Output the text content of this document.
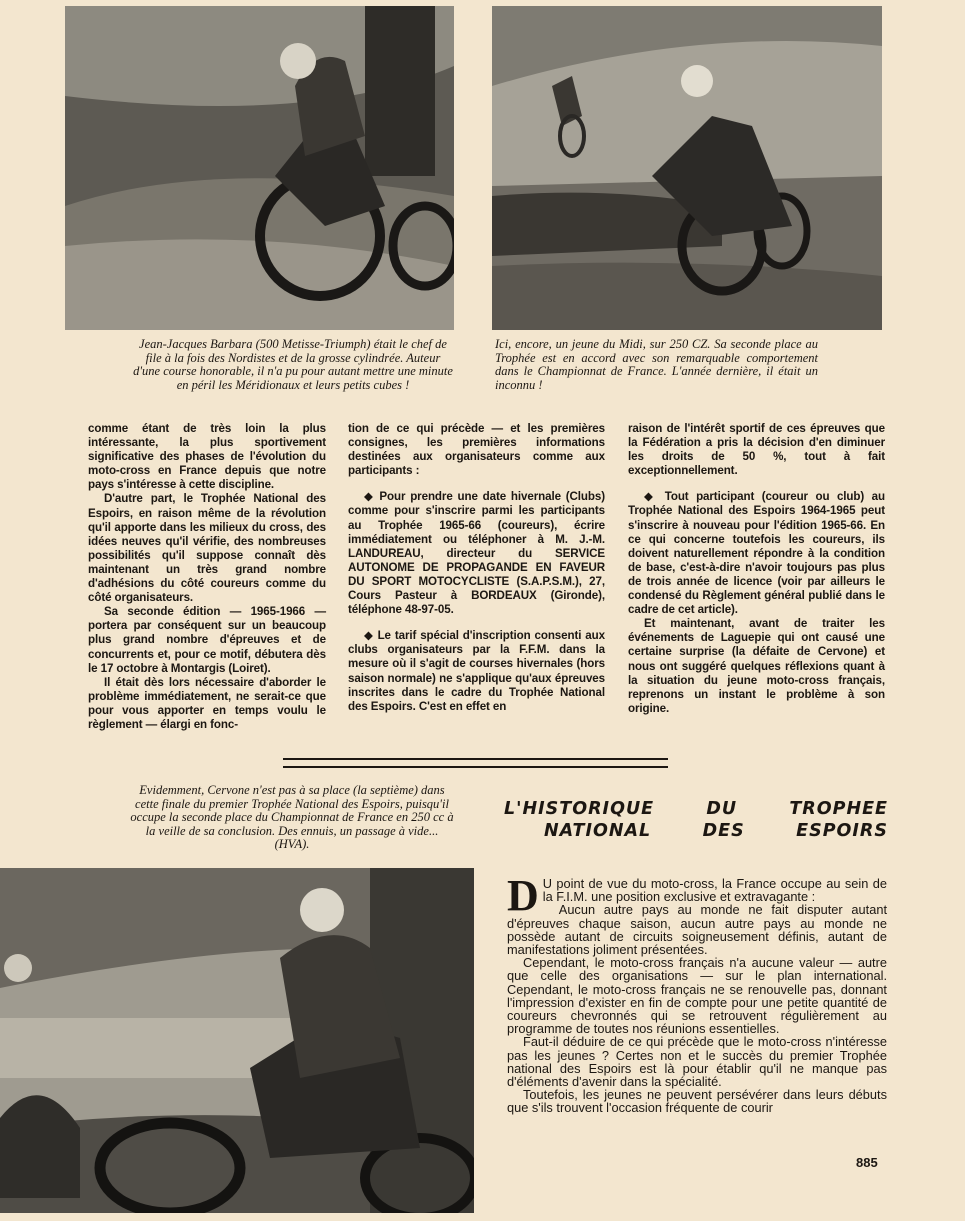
Jean-Jacques Barbara (500 Metisse-Triumph) était le chef de file à la fois des Nordistes et de la grosse cylindrée. Auteur d'une course honorable, il n'a pu pour autant mettre une minute en péril les Méridionaux et leurs petits cubes !

Ici, encore, un jeune du Midi, sur 250 CZ. Sa seconde place au Trophée est en accord avec son remarquable comportement dans le Championnat de France. L'année dernière, il était un inconnu !

comme étant de très loin la plus intéressante, la plus sportivement significative des phases de l'évolution du moto-cross en France depuis que notre pays s'intéresse à cette discipline.

D'autre part, le Trophée National des Espoirs, en raison même de la révolution qu'il apporte dans les milieux du cross, des idées neuves qu'il vérifie, des nombreuses possibilités qu'il suppose connaît dès maintenant un très grand nombre d'adhésions du côté coureurs comme du côté organisateurs.

Sa seconde édition — 1965-1966 — portera par conséquent sur un beaucoup plus grand nombre d'épreuves et de concurrents et, pour ce motif, débutera dès le 17 octobre à Montargis (Loiret).

Il était dès lors nécessaire d'aborder le problème immédiatement, ne serait-ce que pour vous apporter en temps voulu le règlement — élargi en fonc-

tion de ce qui précède — et les premières consignes, les premières informations destinées aux organisateurs comme aux participants :

◆ Pour prendre une date hivernale (Clubs) comme pour s'inscrire parmi les participants au Trophée 1965-66 (coureurs), écrire immédiatement ou téléphoner à M. J.-M. LANDUREAU, directeur du SERVICE AUTONOME DE PROPAGANDE EN FAVEUR DU SPORT MOTOCYCLISTE (S.A.P.S.M.), 27, Cours Pasteur à BORDEAUX (Gironde), téléphone 48-97-05.

◆ Le tarif spécial d'inscription consenti aux clubs organisateurs par la F.F.M. dans la mesure où il s'agit de courses hivernales (hors saison normale) ne s'applique qu'aux épreuves inscrites dans le cadre du Trophée National des Espoirs. C'est en effet en

raison de l'intérêt sportif de ces épreuves que la Fédération a pris la décision d'en diminuer les droits de 50 %, tout à fait exceptionnellement.

◆ Tout participant (coureur ou club) au Trophée National des Espoirs 1964-1965 peut s'inscrire à nouveau pour l'édition 1965-66. En ce qui concerne toutefois les coureurs, ils doivent naturellement répondre à la condition de base, c'est-à-dire n'avoir toujours pas plus de trois année de licence (voir par ailleurs le condensé du Règlement général publié dans le cadre de cet article).

Et maintenant, avant de traiter les événements de Laguepie qui ont causé une certaine surprise (la défaite de Cervone) et nous ont suggéré quelques réflexions quant à la situation du jeune moto-cross français, reprenons un instant le problème à son origine.

Evidemment, Cervone n'est pas à sa place (la septième) dans cette finale du premier Trophée National des Espoirs, puisqu'il occupe la seconde place du Championnat de France en 250 cc à la veille de sa conclusion. Des ennuis, un passage à vide... (HVA).

L'HISTORIQUE DU TROPHEE
NATIONAL DES ESPOIRS
D U point de vue du moto-cross, la France occupe au sein de la F.I.M. une position exclusive et extravagante :

Aucun autre pays au monde ne fait disputer autant d'épreuves chaque saison, aucun autre pays au monde ne possède autant de circuits soigneusement définis, autant de manifestations joliment présentées.

Cependant, le moto-cross français n'a aucune valeur — autre que celle des organisations — sur le plan international. Cependant, le moto-cross français ne se renouvelle pas, donnant l'impression d'exister en fin de compte pour une petite quantité de coureurs chevronnés qui se retrouvent régulièrement au programme de toutes nos réunions essentielles.

Faut-il déduire de ce qui précède que le moto-cross n'intéresse pas les jeunes ? Certes non et le succès du premier Trophée national des Espoirs est là pour établir qu'il ne manque pas d'éléments d'avenir dans la spécialité.

Toutefois, les jeunes ne peuvent persévérer dans leurs débuts que s'ils trouvent l'occasion fréquente de courir

885
